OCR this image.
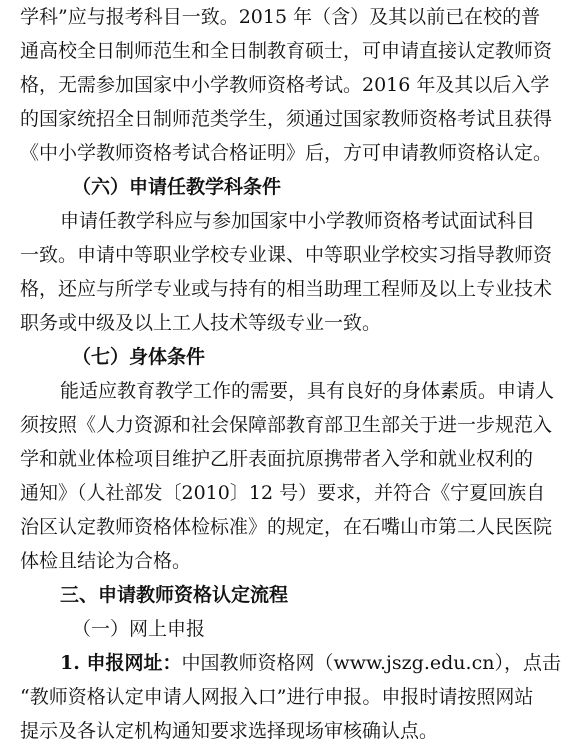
学科”应与报考科目一致。2015 年（含）及其以前已在校的普
通高校全日制师范生和全日制教育硕士，可申请直接认定教师资
格，无需参加国家中小学教师资格考试。2016 年及其以后入学
的国家统招全日制师范类学生，须通过国家教师资格考试且获得
《中小学教师资格考试合格证明》后，方可申请教师资格认定。
（六）申请任教学科条件
申请任教学科应与参加国家中小学教师资格考试面试科目
一致。申请中等职业学校专业课、中等职业学校实习指导教师资
格，还应与所学专业或与持有的相当助理工程师及以上专业技术
职务或中级及以上工人技术等级专业一致。
（七）身体条件
能适应教育教学工作的需要，具有良好的身体素质。申请人
须按照《人力资源和社会保障部教育部卫生部关于进一步规范入
学和就业体检项目维护乙肝表面抗原携带者入学和就业权利的
通知》（人社部发〔2010〕12 号）要求，并符合《宁夏回族自
治区认定教师资格体检标准》的规定，在石嘴山市第二人民医院
体检且结论为合格。
三、申请教师资格认定流程
（一）网上申报
1. 申报网址：中国教师资格网（www.jszg.edu.cn），点击
“教师资格认定申请人网报入口”进行申报。申报时请按照网站
提示及各认定机构通知要求选择现场审核确认点。
